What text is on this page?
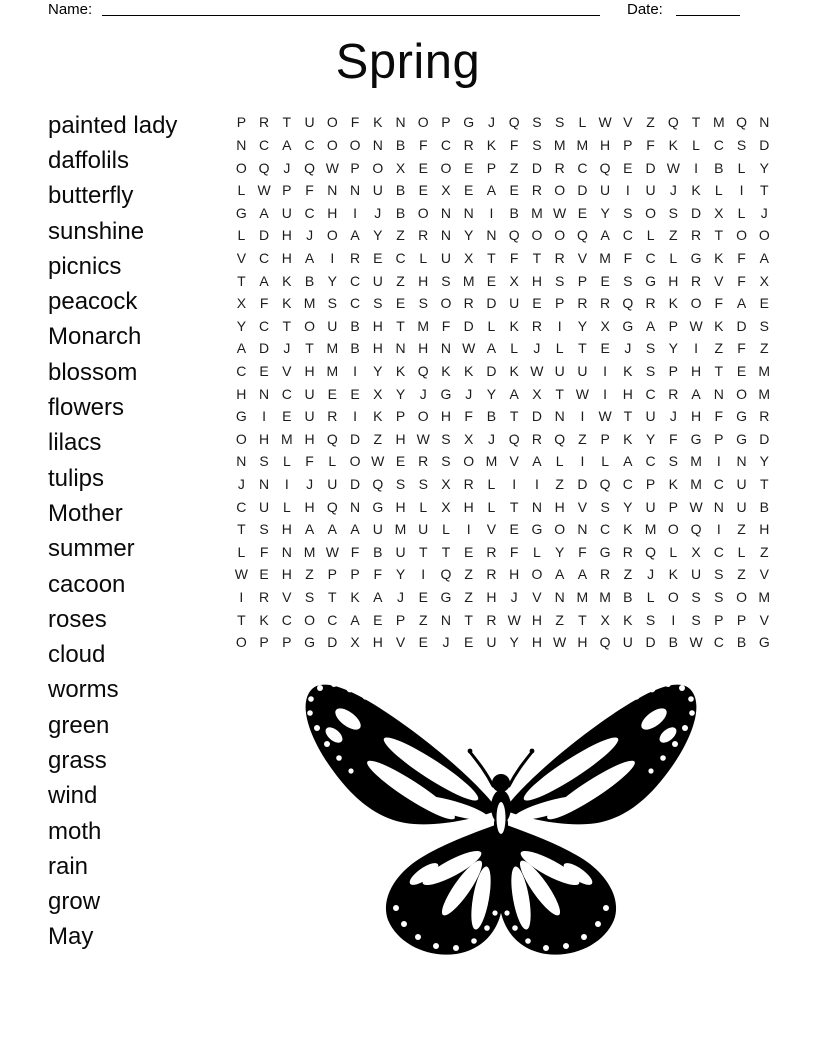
Name:	Date:
Spring
painted lady
daffolils
butterfly
sunshine
picnics
peacock
Monarch
blossom
flowers
lilacs
tulips
Mother
summer
cacoon
roses
cloud
worms
green
grass
wind
moth
rain
grow
May
P R T U O F K N O P G J Q S S	L W V Z Q T M Q N
N C A C O O N B F C R K F S M M H P F K	L C S D
O Q J Q W P O X E O E P Z D R C Q E D W	I	B	L	Y
L W P F N N U B E X E A E R O D U	I	U	J	K	L	I	T
G A U C H	I	J	B O N N	I	B M W E Y S O S D X	L	J
L D H	J O A Y Z R N Y N Q O O Q A C L	Z R T O O
V C H A	I	R E C L U X T	F	T R V M F C L G K F A
T A K B Y C U Z H S M E X H S P E S G H R V F X
X F K M S C S E S O R D U E P R R Q R K O F A E
Y C T O U B H T M F D L	K R	I	Y X G A P W K D S
A D	J	T M B H N H N W A	L	J	L	T E	J	S Y	I	Z	F	Z
C E V H M	I	Y K Q K K D K W U U	I	K S P H T E M
H N C U E E X Y	J G J	Y A X T W	I	H C R A N O M
G	I	E U R	I	K P O H F B T D N	I	W T U	J	H F G R
O H M H Q D Z H W S X	J Q R Q Z P K Y F G P G D
N S	L	F	L O W E R S O M V A	L	I	L	A C S M	I	N Y
J	N	I	J	U D Q S S X R L	I	I	Z D Q C P K M C U T
C U L H Q N G H L	X H L	T N H V S Y U P W N U B
T S H A A A U M U L	I	V E G O N C K M O Q	I	Z H
L	F N M W F B U T	T E R F	L	Y F G R Q L	X C L	Z
W E H Z P P F Y	I	Q Z R H O A A R Z	J	K U S Z V
I	R V S T K A	J	E G Z H	J	V N M M B	L O S S O M
T K C O C A E P Z N T R W H Z	T X K S	I	S P P V
O P P G D X H V E	J	E U Y H W H Q U D B W C B G
